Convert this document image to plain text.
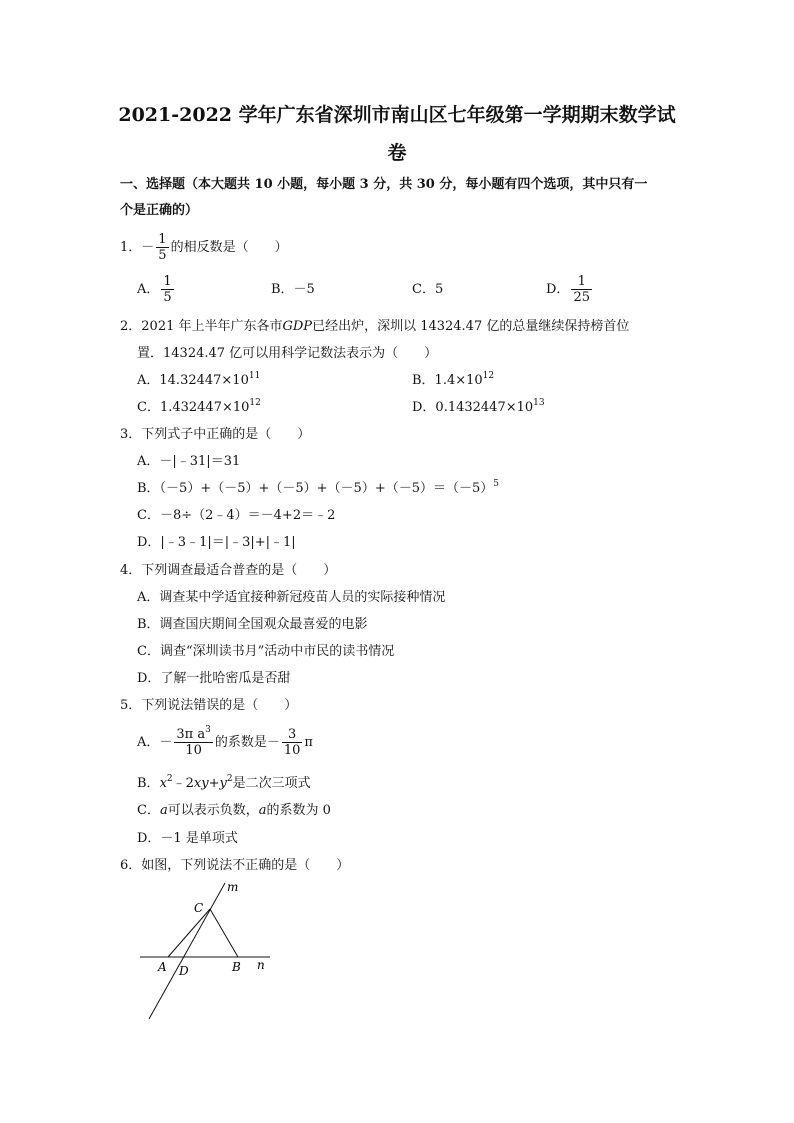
2021-2022 学年广东省深圳市南山区七年级第一学期期末数学试
卷
一、选择题（本大题共 10 小题，每小题 3 分，共 30 分，每小题有四个选项，其中只有一
个是正确的）
1．－ $\frac{1}{5}$ 的相反数是（　　）
A． $\frac{1}{5}$	B．－5	C．5	D． $\frac{1}{25}$
2．2021 年上半年广东各市GDP已经出炉，深圳以 14324.47 亿的总量继续保持榜首位
置．14324.47 亿可以用科学记数法表示为（　　）
A．$14.32447\times 10^{11}$	B．$1.4\times 10^{12}$
C．$1.432447\times 10^{12}$	D．$0.1432447\times 10^{13}$
3．下列式子中正确的是（　　）
A．－|﹣31|＝31
B．$(-5)+(-5)+(-5)+(-5)+(-5)=(-5)^5$
C．－8÷（2﹣4）＝－4+2＝﹣2
D．|﹣3﹣1|＝|﹣3|+|﹣1|
4．下列调查最适合普查的是（　　）
A．调查某中学适宜接种新冠疫苗人员的实际接种情况
B．调查国庆期间全国观众最喜爱的电影
C．调查“深圳读书月”活动中市民的读书情况
D．了解一批哈密瓜是否甜
5．下列说法错误的是（　　）
A．－ $\frac{3\pi a^3}{10}$ 的系数是－ $\frac{3}{10}$ π
B．$x^2﹣2xy+y^2$是二次三项式
C．a可以表示负数，a的系数为 0
D．－1 是单项式
6．如图，下列说法不正确的是（　　）
m
C
A D	B n
